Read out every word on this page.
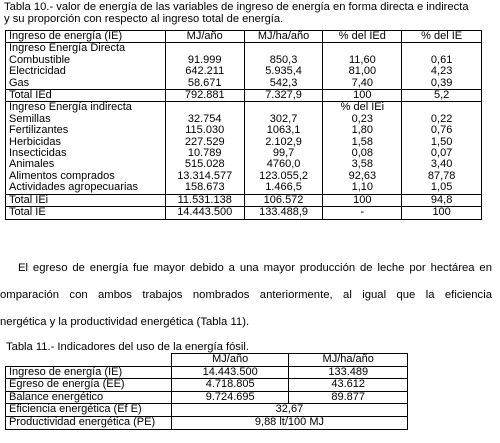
Tabla 10.- valor de energía de las variables de ingreso de energía en forma directa e indirecta
y su proporción con respecto al ingreso total de energía.
Ingreso de energía (IE)	MJ/año	MJ/ha/año	% del IEd	% del IE
Ingreso Energía Directa				
Combustible	91.999	850,3	11,60	0,61
Electricidad	642.211	5.935,4	81,00	4,23
Gas	58.671	542,3	7,40	0,39
Total IEd	792.881	7.327,9	100	5,2
Ingreso Energía indirecta			% del IEi	
Semillas	32.754	302,7	0,23	0,22
Fertilizantes	115.030	1063,1	1,80	0,76
Herbicidas	227.529	2.102,9	1,58	1,50
Insecticidas	10.789	99,7	0,08	0,07
Animales	515.028	4760,0	3,58	3,40
Alimentos comprados	13.314.577	123.055,2	92,63	87,78
Actividades agropecuarias	158.673	1.466,5	1,10	1,05
Total IEi	11.531.138	106.572	100	94,8
Total IE	14.443.500	133.488,9	-	100
El egreso de energía fue mayor debido a una mayor producción de leche por hectárea en
omparación con ambos trabajos nombrados anteriormente, al igual que la eficiencia
nergética y la productividad energética (Tabla 11).
Tabla 11.- Indicadores del uso de la energía fósil.
	MJ/año	MJ/ha/año
Ingreso de energía (IE)	14.443.500	133.489
Egreso de energía (EE)	4.718.805	43.612
Balance energético	9.724.695	89.877
Eficiencia energética (Ef E)	32,67	
Productividad energética (PE)	9,88 lt/100 MJ	
